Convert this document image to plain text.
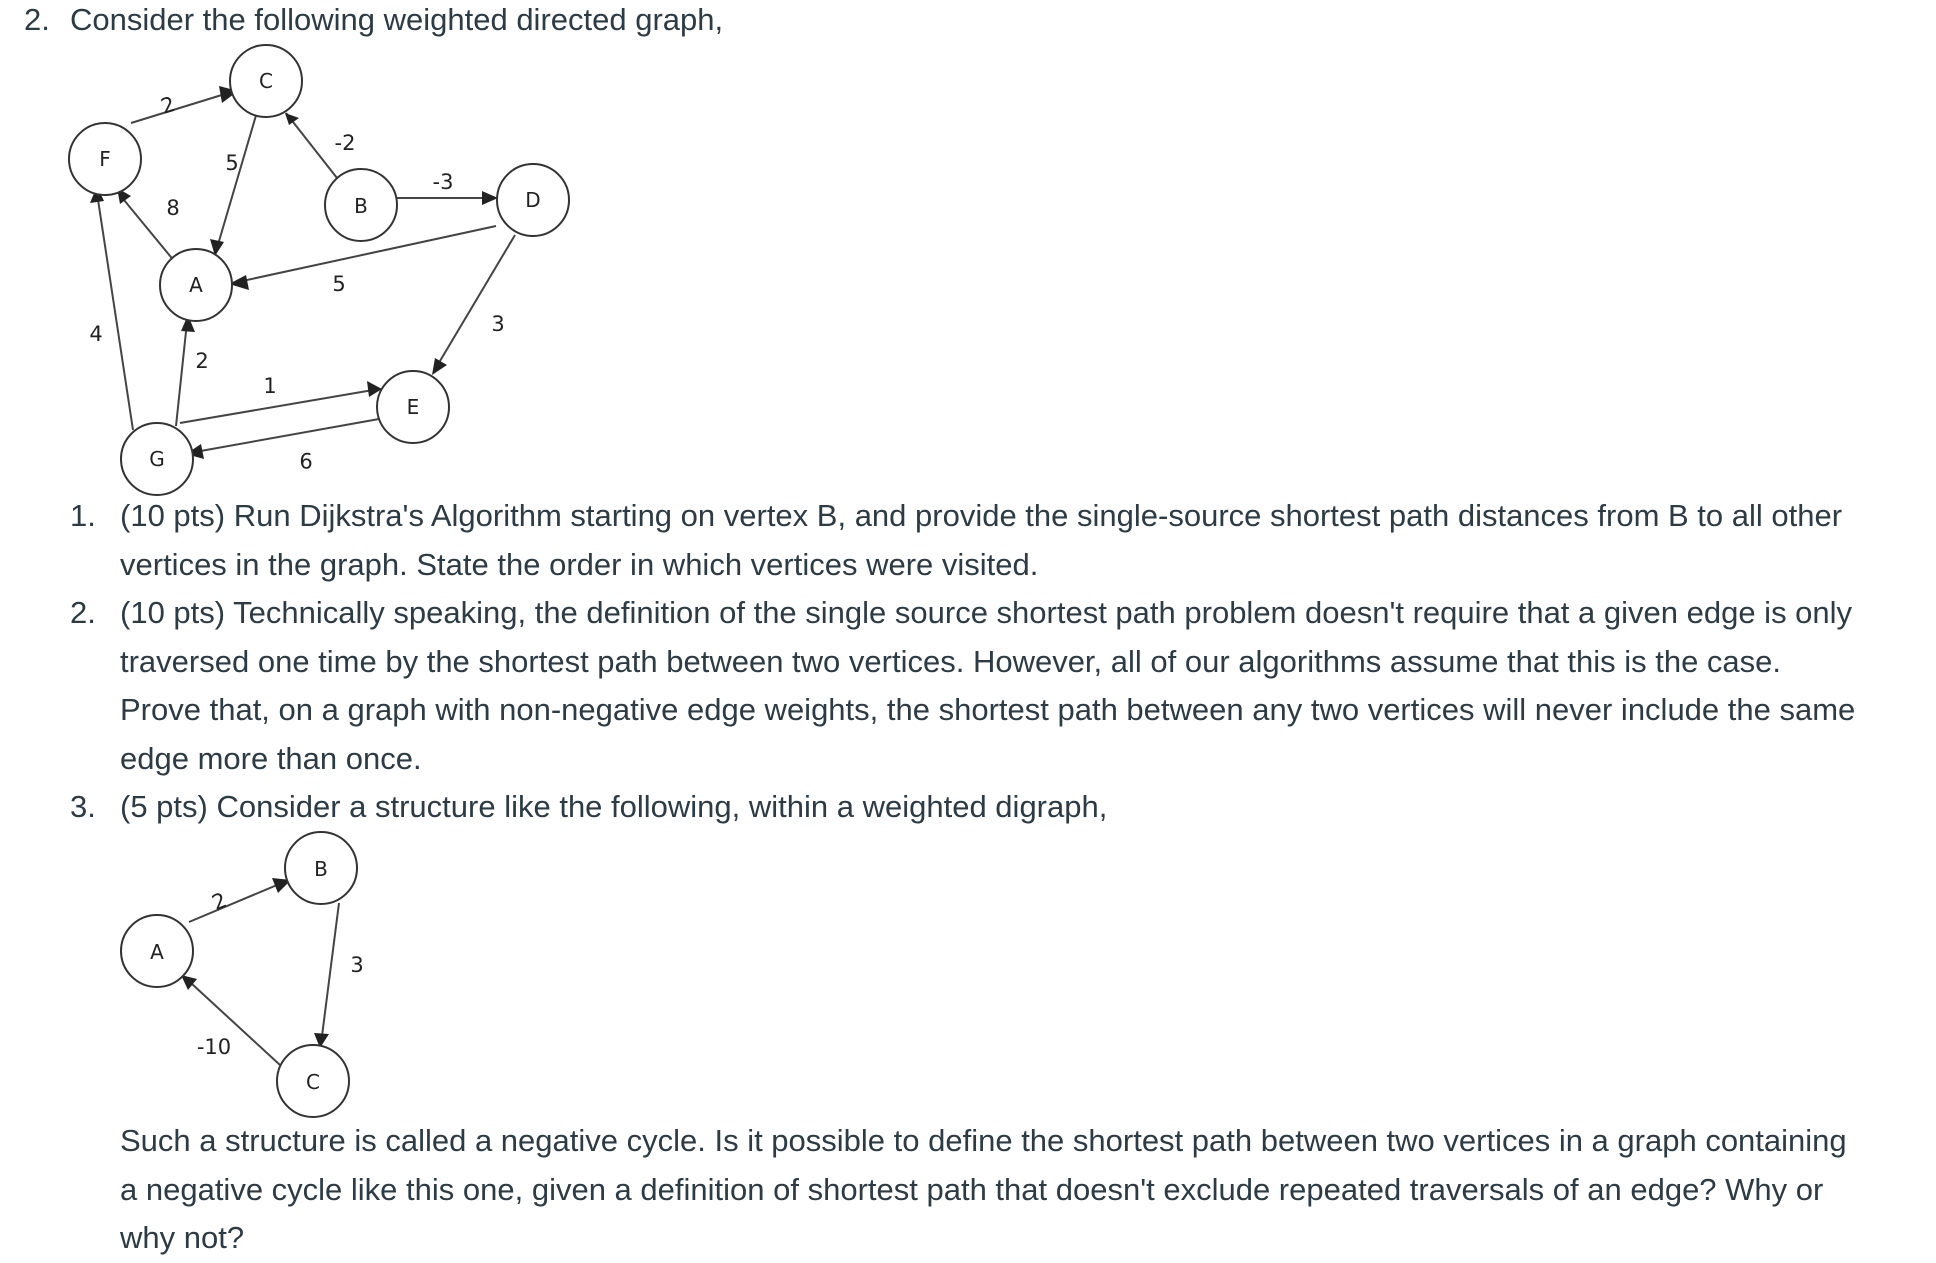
2. Consider the following weighted directed graph,
2
5
8
-2
-3
5
3
4
2
1
9
C
F
B	D
A
E
G
1. (10 pts) Run Dijkstra's Algorithm starting on vertex B, and provide the single-source shortest path distances from B to all other vertices in the graph. State the order in which vertices were visited.
2. (10 pts) Technically speaking, the definition of the single source shortest path problem doesn't require that a given edge is only traversed one time by the shortest path between two vertices. However, all of our algorithms assume that this is the case. Prove that, on a graph with non-negative edge weights, the shortest path between any two vertices will never include the same edge more than once.
3. (5 pts) Consider a structure like the following, within a weighted digraph,
2
3
-10
B
A
C
Such a structure is called a negative cycle. Is it possible to define the shortest path between two vertices in a graph containing a negative cycle like this one, given a definition of shortest path that doesn't exclude repeated traversals of an edge? Why or why not?
